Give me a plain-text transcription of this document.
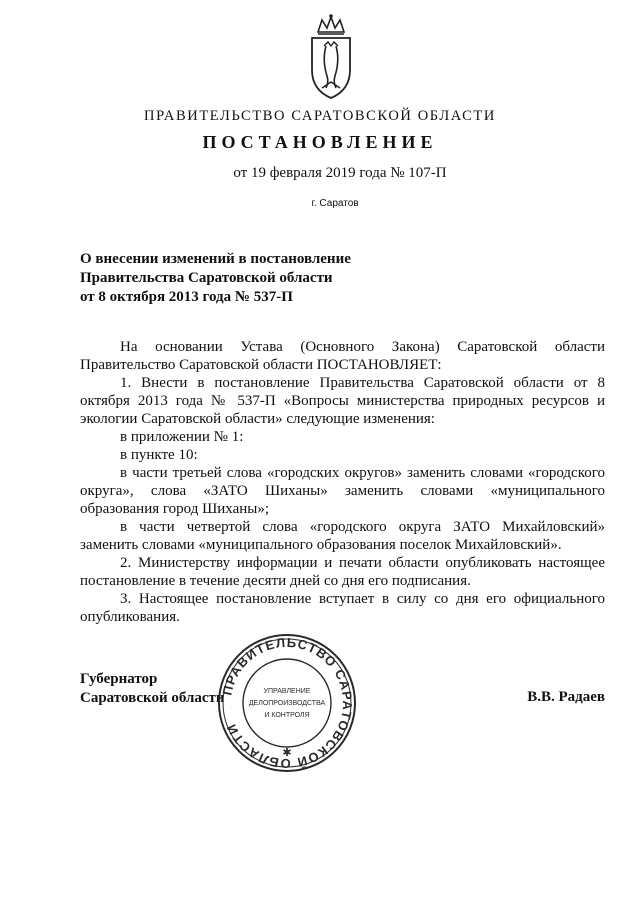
ПРАВИТЕЛЬСТВО САРАТОВСКОЙ ОБЛАСТИ
ПОСТАНОВЛЕНИЕ
от 19 февраля 2019 года № 107-П
г. Саратов
О внесении изменений в постановление
Правительства Саратовской области
от 8 октября 2013 года № 537-П

На основании Устава (Основного Закона) Саратовской области Правительство Саратовской области ПОСТАНОВЛЯЕТ:

1. Внести в постановление Правительства Саратовской области от 8 октября 2013 года № 537-П «Вопросы министерства природных ресурсов и экологии Саратовской области» следующие изменения:

в приложении № 1:

в пункте 10:

в части третьей слова «городских округов» заменить словами «городского округа», слова «ЗАТО Шиханы» заменить словами «муниципального образования город Шиханы»;

в части четвертой слова «городского округа ЗАТО Михайловский» заменить словами «муниципального образования поселок Михайловский».

2. Министерству информации и печати области опубликовать настоящее постановление в течение десяти дней со дня его подписания.

3. Настоящее постановление вступает в силу со дня его официального опубликования.

Губернатор
Саратовской области	В.В. Радаев
ПРАВИТЕЛЬСТВО САРАТОВСКОЙ ОБЛАСТИ
УПРАВЛЕНИЕ
ДЕЛОПРОИЗВОДСТВА
И КОНТРОЛЯ
✱
